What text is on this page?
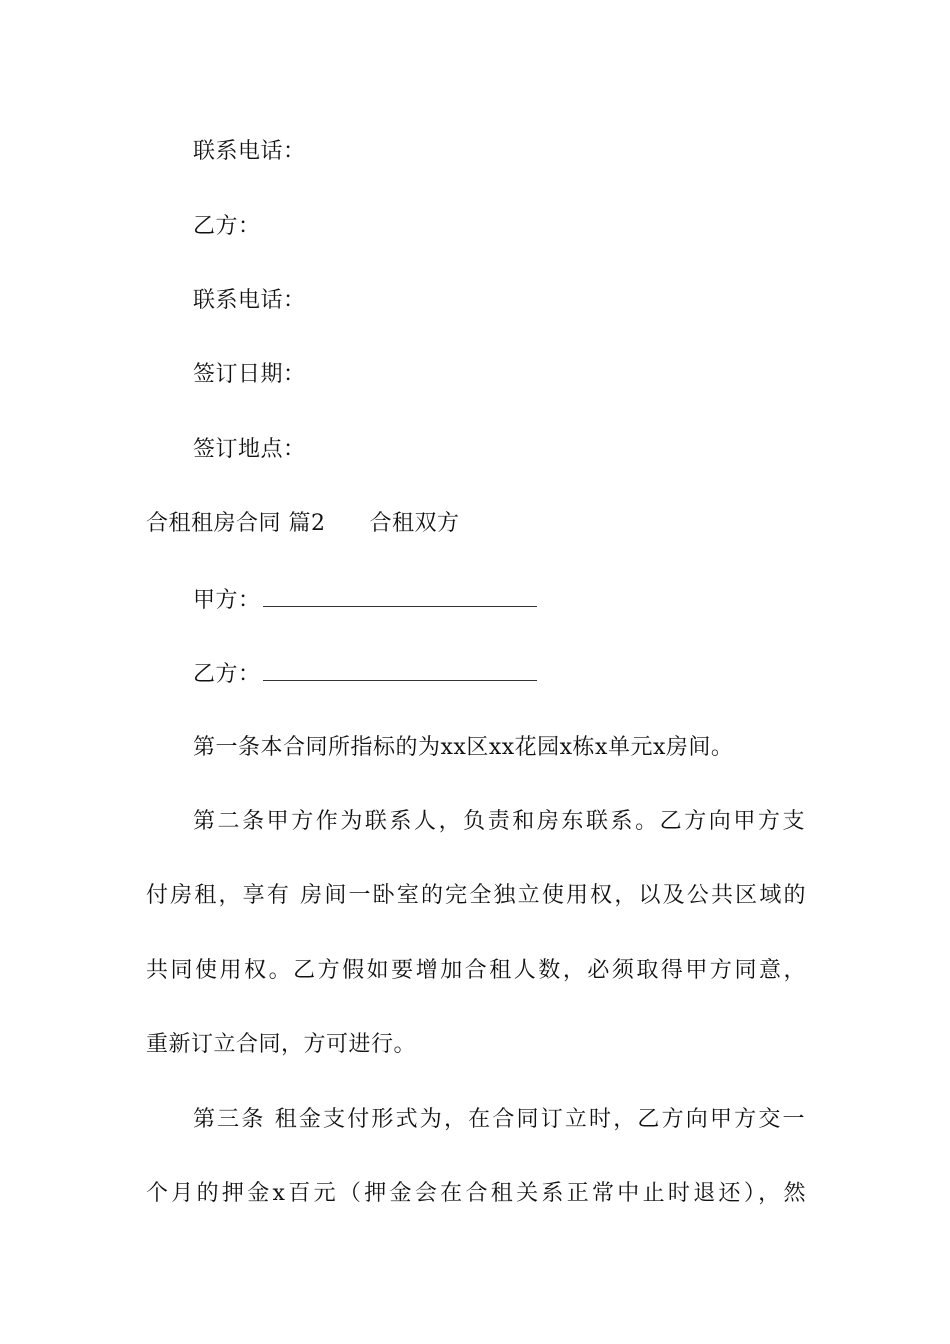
联系电话：
乙方：
联系电话：
签订日期：
签订地点：
合租租房合同 篇2 合租双方
甲方：
乙方：
第一条本合同所指标的为xx区xx花园x栋x单元x房间。
第二条甲方作为联系人，负责和房东联系。乙方向甲方支
付房租，享有 房间一卧室的完全独立使用权，以及公共区域的
共同使用权。乙方假如要增加合租人数，必须取得甲方同意，
重新订立合同，方可进行。
第三条 租金支付形式为，在合同订立时，乙方向甲方交一
个月的押金x百元（押金会在合租关系正常中止时退还），然
